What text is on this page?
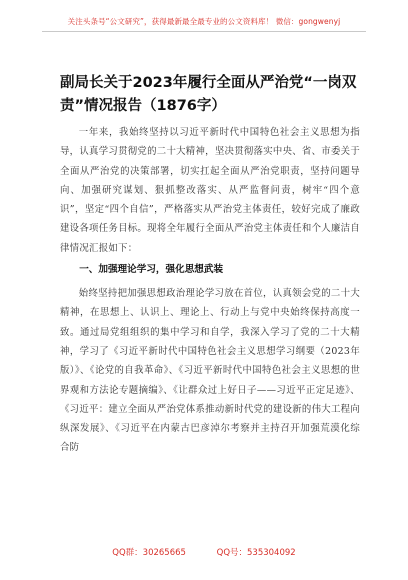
关注头条号“公文研究”，获得最新最全最专业的公文资料库！ 微信：gongwenyj
副局长关于2023年履行全面从严治党“一岗双责”情况报告（1876字）

一年来，我始终坚持以习近平新时代中国特色社会主义思想为指导，认真学习贯彻党的二十大精神，坚决贯彻落实中央、省、市委关于全面从严治党的决策部署，切实扛起全面从严治党职责，坚持问题导向、加强研究谋划、狠抓整改落实、从严监督问责，树牢“四个意识”，坚定“四个自信”，严格落实从严治党主体责任，较好完成了廉政建设各项任务目标。现将全年履行全面从严治党主体责任和个人廉洁自律情况汇报如下：

一、加强理论学习，强化思想武装

始终坚持把加强思想政治理论学习放在首位，认真领会党的二十大精神，在思想上、认识上、理论上、行动上与党中央始终保持高度一致。通过局党组组织的集中学习和自学，我深入学习了党的二十大精神，学习了《习近平新时代中国特色社会主义思想学习纲要（2023年版）》、《论党的自我革命》、《习近平新时代中国特色社会主义思想的世界观和方法论专题摘编》、《让群众过上好日子——习近平正定足迹》、《习近平：建立全面从严治党体系推动新时代党的建设新的伟大工程向纵深发展》、《习近平在内蒙古巴彦淖尔考察并主持召开加强荒漠化综合防

QQ群：30265665	QQ号：535304092
